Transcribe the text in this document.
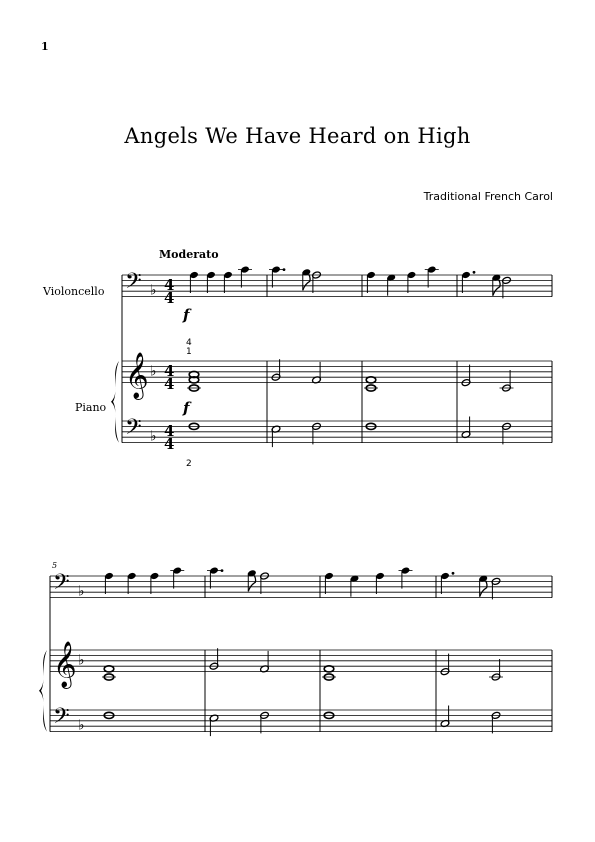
1
Angels We Have Heard on High
Traditional French Carol
Moderato
Violoncello
Piano
5
4
4
4
4
4
4
f
f
4
1
2
𝄢 ♭
𝄞 ♭
𝄢 ♭
𝄢 ♭
𝄞 ♭
𝄢 ♭
